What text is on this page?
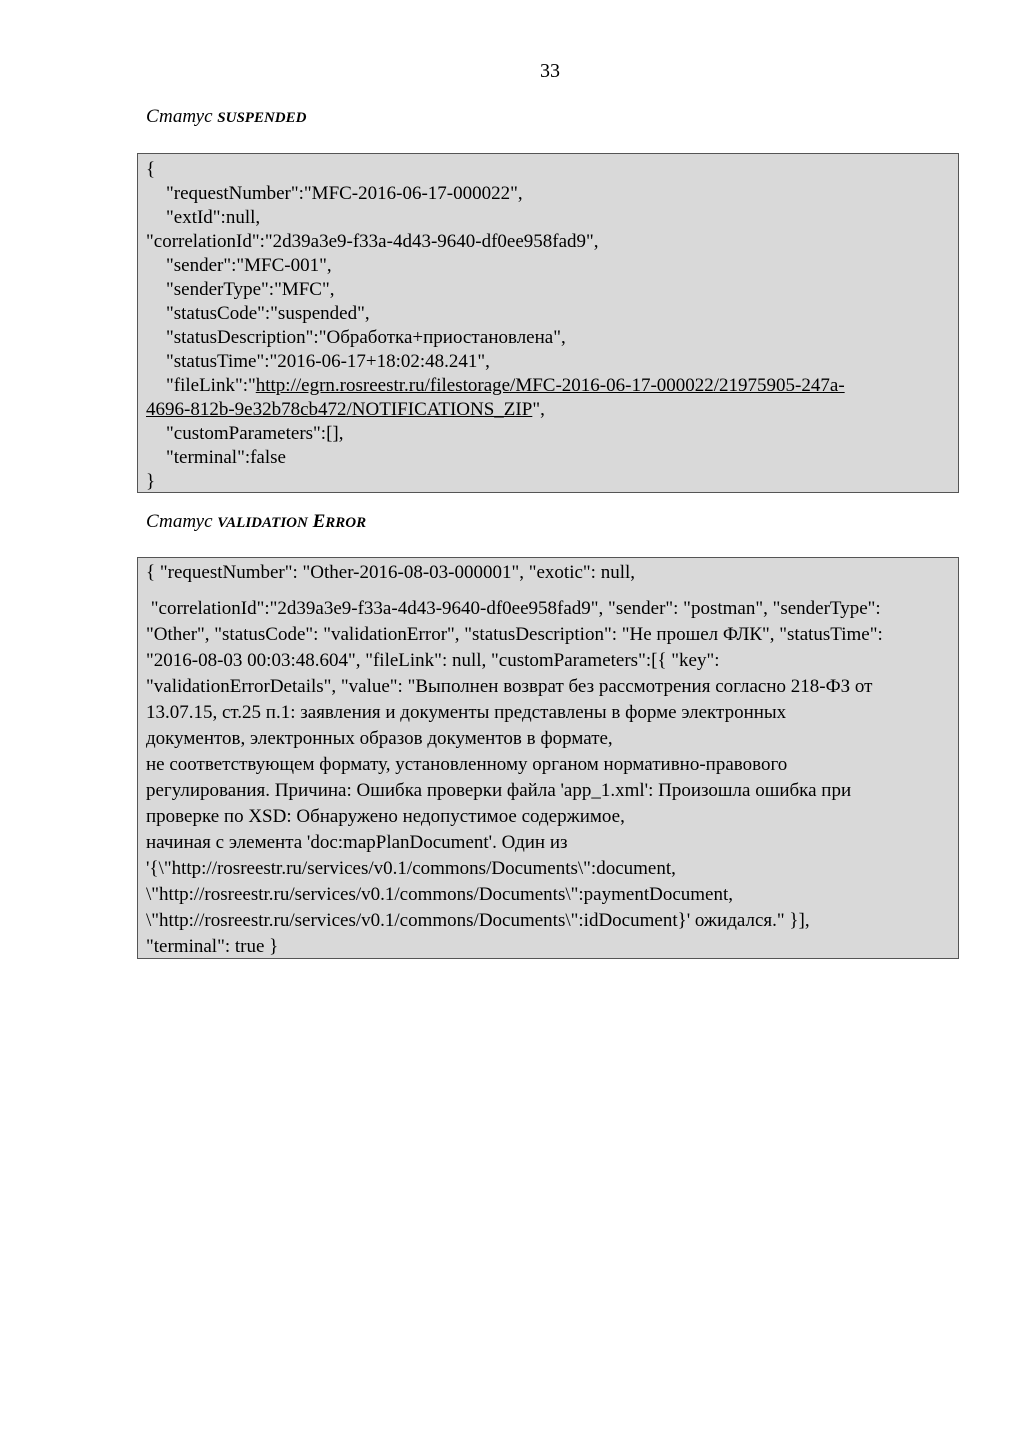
33
Статус SUSPENDED
{
"requestNumber":"MFC-2016-06-17-000022",
"extId":null,
"correlationId":"2d39a3e9-f33a-4d43-9640-df0ee958fad9",
"sender":"MFC-001",
"senderType":"MFC",
"statusCode":"suspended",
"statusDescription":"Обработка+приостановлена",
"statusTime":"2016-06-17+18:02:48.241",
"fileLink":"http://egrn.rosreestr.ru/filestorage/MFC-2016-06-17-000022/21975905-247a-
4696-812b-9e32b78cb472/NOTIFICATIONS_ZIP",
"customParameters":[],
"terminal":false
}
Статус VALIDATION ERROR
{ "requestNumber": "Other-2016-08-03-000001", "exotic": null,
"correlationId":"2d39a3e9-f33a-4d43-9640-df0ee958fad9", "sender": "postman", "senderType":
"Other", "statusCode": "validationError", "statusDescription": "Не прошел ФЛК", "statusTime":
"2016-08-03 00:03:48.604", "fileLink": null, "customParameters":[{ "key":
"validationErrorDetails", "value": "Выполнен возврат без рассмотрения согласно 218-ФЗ от
13.07.15, ст.25 п.1: заявления и документы представлены в форме электронных
документов, электронных образов документов в формате,
не соответствующем формату, установленному органом нормативно-правового
регулирования. Причина: Ошибка проверки файла 'app_1.xml': Произошла ошибка при
проверке по XSD: Обнаружено недопустимое содержимое,
начиная с элемента 'doc:mapPlanDocument'. Один из
'{\"http://rosreestr.ru/services/v0.1/commons/Documents\":document,
\"http://rosreestr.ru/services/v0.1/commons/Documents\":paymentDocument,
\"http://rosreestr.ru/services/v0.1/commons/Documents\":idDocument}' ожидался." }],
"terminal": true }
